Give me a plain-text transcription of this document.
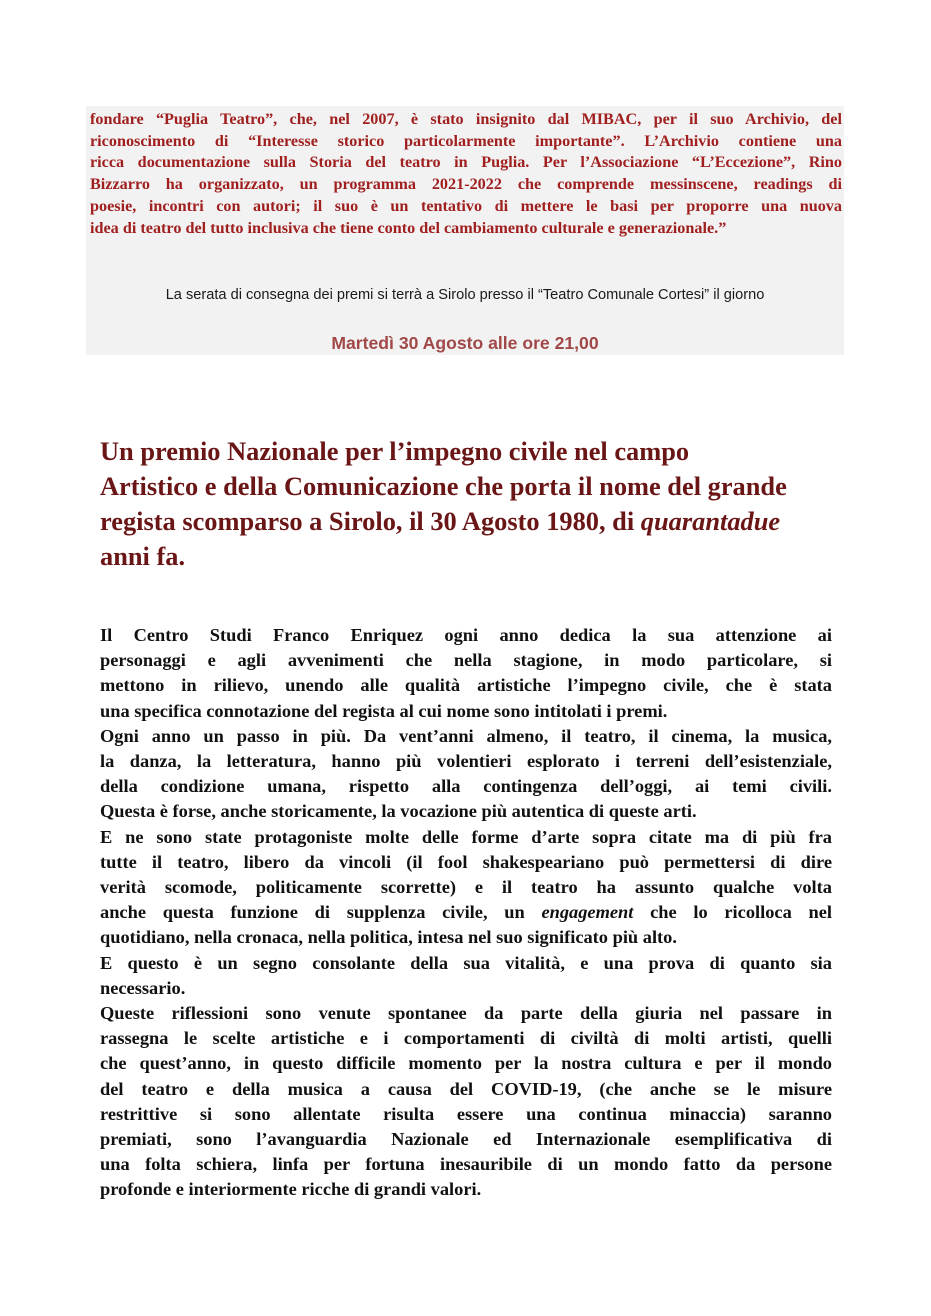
fondare “Puglia Teatro”, che, nel 2007, è stato insignito dal MIBAC, per il suo Archivio, del

riconoscimento di “Interesse storico particolarmente importante”. L’Archivio contiene una

ricca documentazione sulla Storia del teatro in Puglia. Per l’Associazione “L’Eccezione”, Rino

Bizzarro ha organizzato, un programma 2021-2022 che comprende messinscene, readings di

poesie, incontri con autori; il suo è un tentativo di mettere le basi per proporre una nuova

idea di teatro del tutto inclusiva che tiene conto del cambiamento culturale e generazionale.”

La serata di consegna dei premi si terrà a Sirolo presso il “Teatro Comunale Cortesi” il giorno

Martedì 30 Agosto alle ore 21,00

Un premio Nazionale per l’impegno civile nel campo
Artistico e della Comunicazione che porta il nome del grande
regista scomparso a Sirolo, il 30 Agosto 1980, di quarantadue
anni fa.
Il Centro Studi Franco Enriquez ogni anno dedica la sua attenzione ai
personaggi e agli avvenimenti che nella stagione, in modo particolare, si
mettono in rilievo, unendo alle qualità artistiche l’impegno civile, che è stata
una specifica connotazione del regista al cui nome sono intitolati i premi.
Ogni anno un passo in più. Da vent’anni almeno, il teatro, il cinema, la musica,
la danza, la letteratura, hanno più volentieri esplorato i terreni dell’esistenziale,
della condizione umana, rispetto alla contingenza dell’oggi, ai temi civili.
Questa è forse, anche storicamente, la vocazione più autentica di queste arti.
E ne sono state protagoniste molte delle forme d’arte sopra citate ma di più fra
tutte il teatro, libero da vincoli (il fool shakespeariano può permettersi di dire
verità scomode, politicamente scorrette) e il teatro ha assunto qualche volta
anche questa funzione di supplenza civile, un engagement che lo ricolloca nel
quotidiano, nella cronaca, nella politica, intesa nel suo significato più alto.
E questo è un segno consolante della sua vitalità, e una prova di quanto sia
necessario.
Queste riflessioni sono venute spontanee da parte della giuria nel passare in
rassegna le scelte artistiche e i comportamenti di civiltà di molti artisti, quelli
che quest’anno, in questo difficile momento per la nostra cultura e per il mondo
del teatro e della musica a causa del COVID-19, (che anche se le misure
restrittive si sono allentate risulta essere una continua minaccia) saranno
premiati, sono l’avanguardia Nazionale ed Internazionale esemplificativa di
una folta schiera, linfa per fortuna inesauribile di un mondo fatto da persone
profonde e interiormente ricche di grandi valori.
